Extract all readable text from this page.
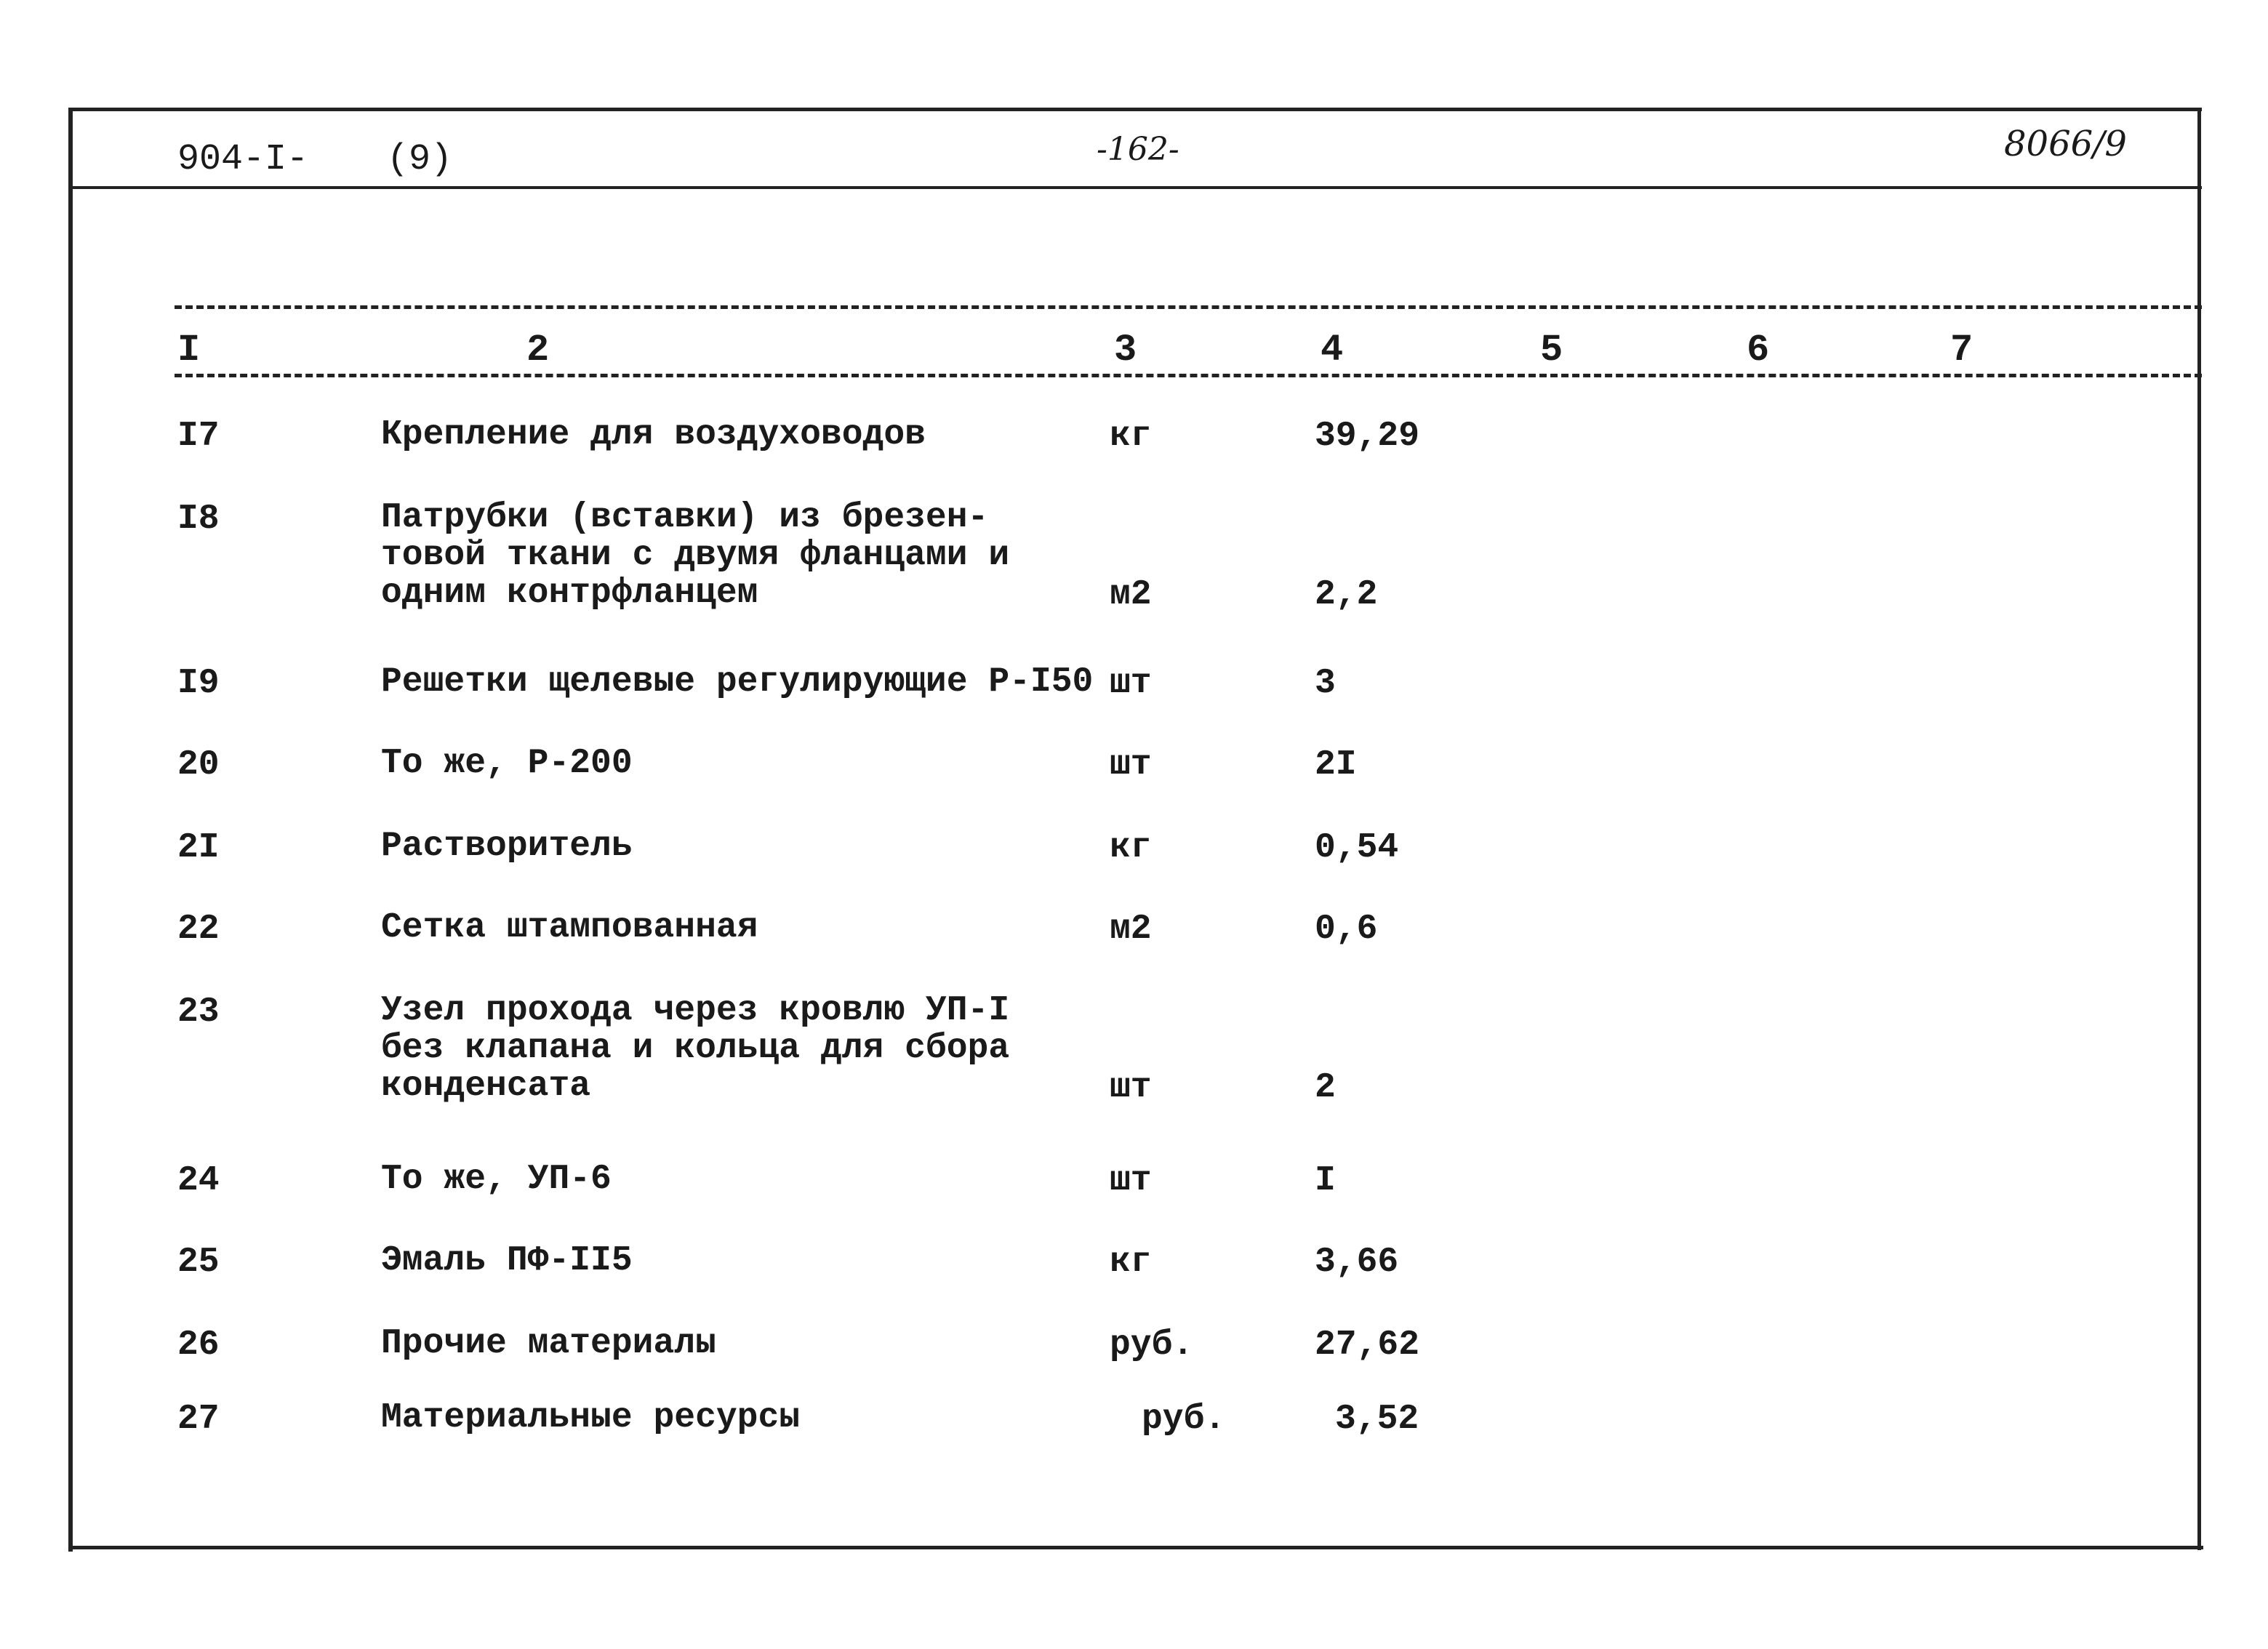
904-I- (9)	-162-	8066/9
I	2	3	4	5	6	7
I7	Крепление для воздуховодов	кг	39,29
I8	Патрубки (вставки) из брезен-
товой ткани с двумя фланцами и
одним контрфланцем	м2	2,2
I9	Решетки щелевые регулирующие Р-I50 шт	3
20	То же, Р-200	шт	2I
2I	Растворитель	кг	0,54
22	Сетка штампованная	м2	0,6
23	Узел прохода через кровлю УП-I
без клапана и кольца для сбора
конденсата	шт	2
24	То же, УП-6	шт	I
25	Эмаль ПФ-II5	кг	3,66
26	Прочие материалы	руб.	27,62
27	Материальные ресурсы	руб.	3,52
